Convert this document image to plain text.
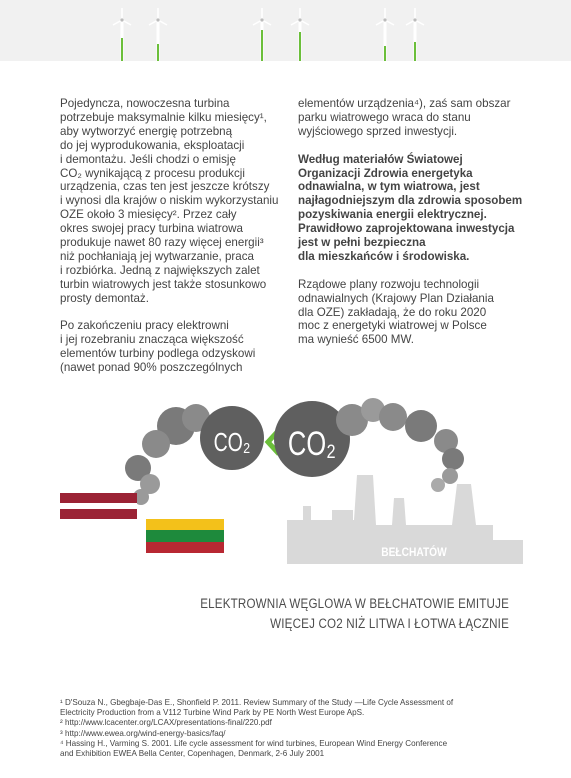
Pojedyncza, nowoczesna turbina
potrzebuje maksymalnie kilku miesięcy¹,
aby wytworzyć energię potrzebną
do jej wyprodukowania, eksploatacji
i demontażu. Jeśli chodzi o emisję
CO₂ wynikającą z procesu produkcji
urządzenia, czas ten jest jeszcze krótszy
i wynosi dla krajów o niskim wykorzystaniu
OZE około 3 miesięcy². Przez cały
okres swojej pracy turbina wiatrowa
produkuje nawet 80 razy więcej energii³
niż pochłaniają jej wytwarzanie, praca
i rozbiórka. Jedną z największych zalet
turbin wiatrowych jest także stosunkowo
prosty demontaż.

Po zakończeniu pracy elektrowni
i jej rozebraniu znacząca większość
elementów turbiny podlega odzyskowi
(nawet ponad 90% poszczególnych

elementów urządzenia⁴), zaś sam obszar
parku wiatrowego wraca do stanu
wyjściowego sprzed inwestycji.

Według materiałów Światowej
Organizacji Zdrowia energetyka
odnawialna, w tym wiatrowa, jest
najłagodniejszym dla zdrowia sposobem
pozyskiwania energii elektrycznej.
Prawidłowo zaprojektowana inwestycja
jest w pełni bezpieczna
dla mieszkańców i środowiska.

Rządowe plany rozwoju technologii
odnawialnych (Krajowy Plan Działania
dla OZE) zakładają, że do roku 2020
moc z energetyki wiatrowej w Polsce
ma wynieść 6500 MW.

CO₂ CO₂
BEŁCHATÓW
ELEKTROWNIA WĘGLOWA W BEŁCHATOWIE EMITUJE
WIĘCEJ CO2 NIŻ LITWA I ŁOTWA ŁĄCZNIE
¹ D'Souza N., Gbegbaje-Das E., Shonfield P. 2011. Review Summary of the Study —Life Cycle Assessment of
Electricity Production from a V112 Turbine Wind Park by PE North West Europe ApS.
² http://www.lcacenter.org/LCAX/presentations-final/220.pdf
³ http://www.ewea.org/wind-energy-basics/faq/
⁴ Hassing H., Varming S. 2001. Life cycle assessment for wind turbines, European Wind Energy Conference
and Exhibition EWEA Bella Center, Copenhagen, Denmark, 2-6 July 2001
